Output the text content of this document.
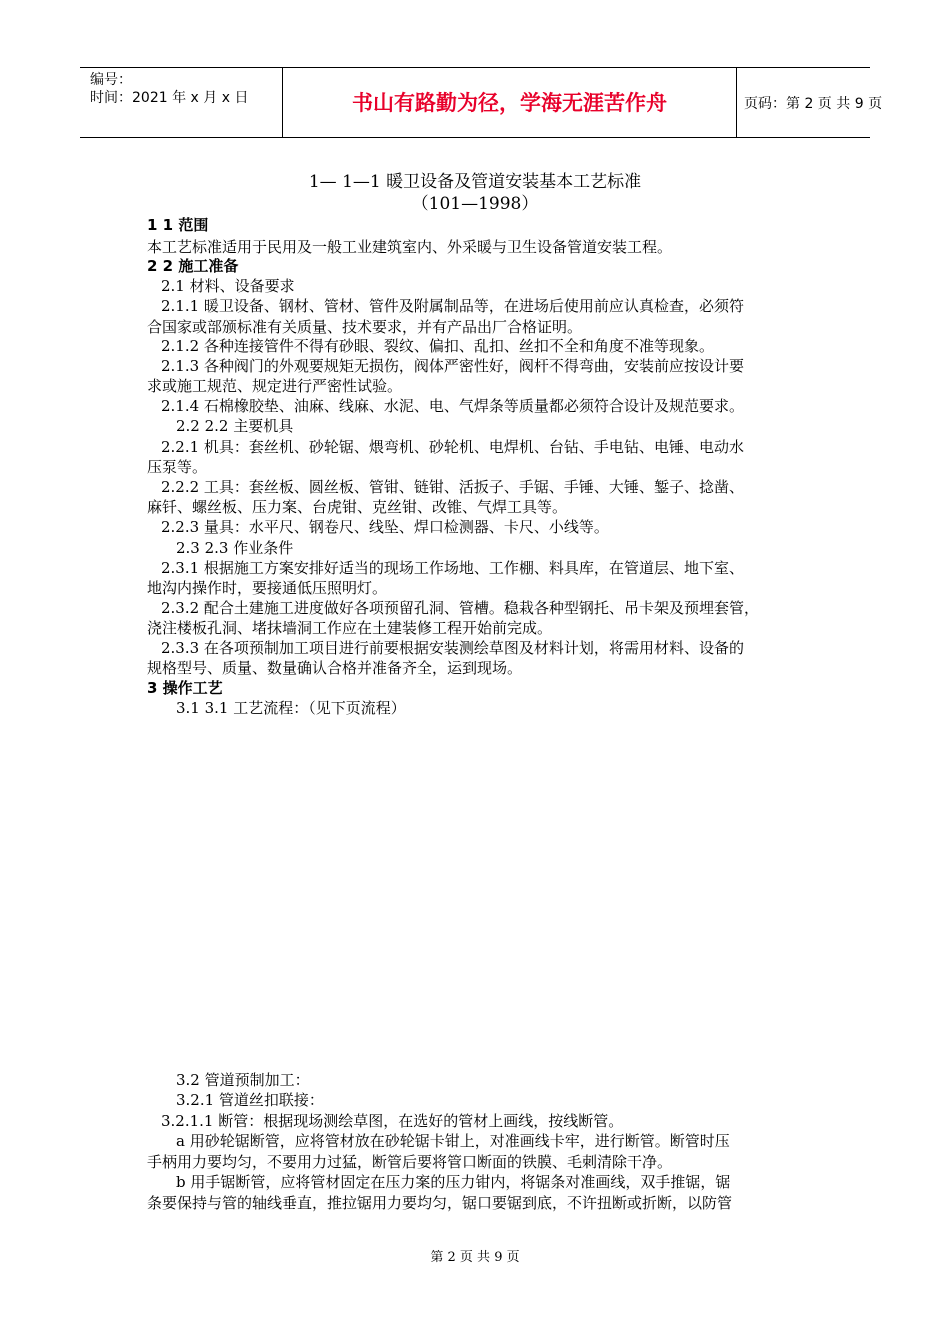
编号：
时间：2021 年 x 月 x 日	书山有路勤为径，学海无涯苦作舟	页码：第 2 页 共 9 页
1— 1—1 暖卫设备及管道安装基本工艺标准
（101—1998）
1 1 范围
本工艺标准适用于民用及一般工业建筑室内、外采暖与卫生设备管道安装工程。
2 2 施工准备
2.1 材料、设备要求
2.1.1 暖卫设备、钢材、管材、管件及附属制品等，在进场后使用前应认真检查，必须符
合国家或部颁标准有关质量、技术要求，并有产品出厂合格证明。
2.1.2 各种连接管件不得有砂眼、裂纹、偏扣、乱扣、丝扣不全和角度不准等现象。
2.1.3 各种阀门的外观要规矩无损伤，阀体严密性好，阀杆不得弯曲，安装前应按设计要
求或施工规范、规定进行严密性试验。
2.1.4 石棉橡胶垫、油麻、线麻、水泥、电、气焊条等质量都必须符合设计及规范要求。
2.2 2.2 主要机具
2.2.1 机具：套丝机、砂轮锯、煨弯机、砂轮机、电焊机、台钻、手电钻、电锤、电动水
压泵等。
2.2.2 工具：套丝板、圆丝板、管钳、链钳、活扳子、手锯、手锤、大锤、錾子、捻凿、
麻钎、螺丝板、压力案、台虎钳、克丝钳、改锥、气焊工具等。
2.2.3 量具：水平尺、钢卷尺、线坠、焊口检测器、卡尺、小线等。
2.3 2.3 作业条件
2.3.1 根据施工方案安排好适当的现场工作场地、工作棚、料具库，在管道层、地下室、
地沟内操作时，要接通低压照明灯。
2.3.2 配合土建施工进度做好各项预留孔洞、管槽。稳栽各种型钢托、吊卡架及预埋套管，
浇注楼板孔洞、堵抹墙洞工作应在土建装修工程开始前完成。
2.3.3 在各项预制加工项目进行前要根据安装测绘草图及材料计划，将需用材料、设备的
规格型号、质量、数量确认合格并准备齐全，运到现场。
3 操作工艺
3.1 3.1 工艺流程：（见下页流程）
3.2 管道预制加工：
3.2.1 管道丝扣联接：
3.2.1.1 断管：根据现场测绘草图，在选好的管材上画线，按线断管。
a 用砂轮锯断管，应将管材放在砂轮锯卡钳上，对准画线卡牢，进行断管。断管时压
手柄用力要均匀，不要用力过猛，断管后要将管口断面的铁膜、毛刺清除干净。
b 用手锯断管，应将管材固定在压力案的压力钳内，将锯条对准画线，双手推锯，锯
条要保持与管的轴线垂直，推拉锯用力要均匀，锯口要锯到底，不许扭断或折断，以防管
第 2 页 共 9 页
